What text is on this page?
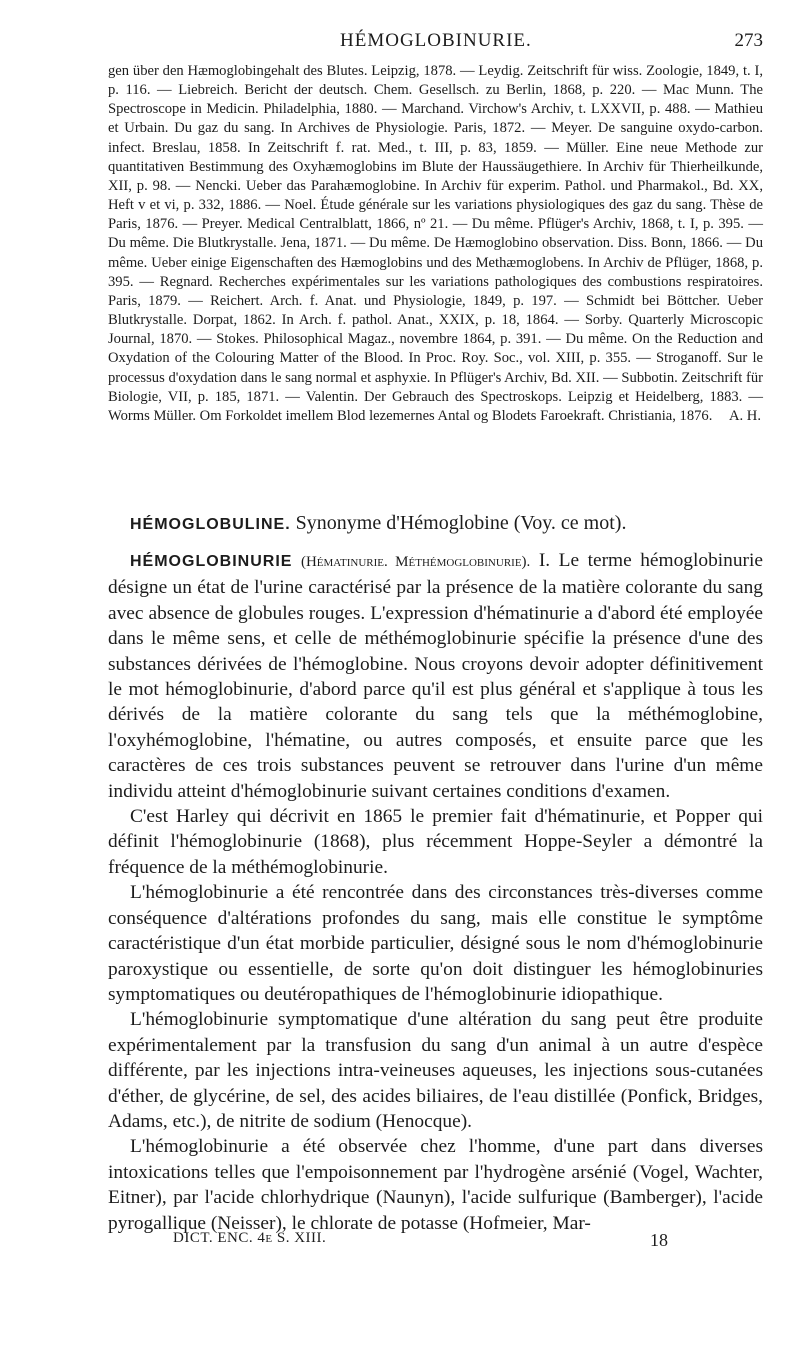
HÉMOGLOBINURIE.	273

gen über den Hæmoglobingehalt des Blutes. Leipzig, 1878. — Leydig. Zeitschrift für wiss. Zoologie, 1849, t. I, p. 116. — Liebreich. Bericht der deutsch. Chem. Gesellsch. zu Berlin, 1868, p. 220. — Mac Munn. The Spectroscope in Medicin. Philadelphia, 1880. — Marchand. Virchow's Archiv, t. LXXVII, p. 488. — Mathieu et Urbain. Du gaz du sang. In Archives de Physiologie. Paris, 1872. — Meyer. De sanguine oxydo-carbon. infect. Breslau, 1858. In Zeitschrift f. rat. Med., t. III, p. 83, 1859. — Müller. Eine neue Methode zur quantitativen Bestimmung des Oxyhæmoglobins im Blute der Haussäugethiere. In Archiv für Thierheilkunde, XII, p. 98. — Nencki. Ueber das Parahæmoglobine. In Archiv für experim. Pathol. und Pharmakol., Bd. XX, Heft v et vi, p. 332, 1886. — Noel. Étude générale sur les variations physiologiques des gaz du sang. Thèse de Paris, 1876. — Preyer. Medical Centralblatt, 1866, nº 21. — Du même. Pflüger's Archiv, 1868, t. I, p. 395. — Du même. Die Blutkrystalle. Jena, 1871. — Du même. De Hæmoglobino observation. Diss. Bonn, 1866. — Du même. Ueber einige Eigenschaften des Hæmoglobins und des Methæmoglobens. In Archiv de Pflüger, 1868, p. 395. — Regnard. Recherches expérimentales sur les variations pathologiques des combustions respiratoires. Paris, 1879. — Reichert. Arch. f. Anat. und Physiologie, 1849, p. 197. — Schmidt bei Böttcher. Ueber Blutkrystalle. Dorpat, 1862. In Arch. f. pathol. Anat., XXIX, p. 18, 1864. — Sorby. Quarterly Microscopic Journal, 1870. — Stokes. Philosophical Magaz., novembre 1864, p. 391. — Du même. On the Reduction and Oxydation of the Colouring Matter of the Blood. In Proc. Roy. Soc., vol. XIII, p. 355. — Stroganoff. Sur le processus d'oxydation dans le sang normal et asphyxie. In Pflüger's Archiv, Bd. XII. — Subbotin. Zeitschrift für Biologie, VII, p. 185, 1871. — Valentin. Der Gebrauch des Spectroskops. Leipzig et Heidelberg, 1883. — Worms Müller. Om Forkoldet imellem Blod lezemernes Antal og Blodets Faroekraft. Christiania, 1876. A. H.

HÉMOGLOBULINE. Synonyme d'Hémoglobine (Voy. ce mot).

HÉMOGLOBINURIE (Hématinurie. Méthémoglobinurie). I. Le terme hémoglobinurie désigne un état de l'urine caractérisé par la présence de la matière colorante du sang avec absence de globules rouges. L'expression d'hématinurie a d'abord été employée dans le même sens, et celle de méthémoglobinurie spécifie la présence d'une des substances dérivées de l'hémoglobine. Nous croyons devoir adopter définitivement le mot hémoglobinurie, d'abord parce qu'il est plus général et s'applique à tous les dérivés de la matière colorante du sang tels que la méthémoglobine, l'oxyhémoglobine, l'hématine, ou autres composés, et ensuite parce que les caractères de ces trois substances peuvent se retrouver dans l'urine d'un même individu atteint d'hémoglobinurie suivant certaines conditions d'examen.

C'est Harley qui décrivit en 1865 le premier fait d'hématinurie, et Popper qui définit l'hémoglobinurie (1868), plus récemment Hoppe-Seyler a démontré la fréquence de la méthémoglobinurie.

L'hémoglobinurie a été rencontrée dans des circonstances très-diverses comme conséquence d'altérations profondes du sang, mais elle constitue le symptôme caractéristique d'un état morbide particulier, désigné sous le nom d'hémoglobinurie paroxystique ou essentielle, de sorte qu'on doit distinguer les hémoglobinuries symptomatiques ou deutéropathiques de l'hémoglobinurie idiopathique.

L'hémoglobinurie symptomatique d'une altération du sang peut être produite expérimentalement par la transfusion du sang d'un animal à un autre d'espèce différente, par les injections intra-veineuses aqueuses, les injections sous-cutanées d'éther, de glycérine, de sel, des acides biliaires, de l'eau distillée (Ponfick, Bridges, Adams, etc.), de nitrite de sodium (Henocque).

L'hémoglobinurie a été observée chez l'homme, d'une part dans diverses intoxications telles que l'empoisonnement par l'hydrogène arsénié (Vogel, Wachter, Eitner), par l'acide chlorhydrique (Naunyn), l'acide sulfurique (Bamberger), l'acide pyrogallique (Neisser), le chlorate de potasse (Hofmeier, Mar-

DICT. ENC. 4e S. XIII.	18
